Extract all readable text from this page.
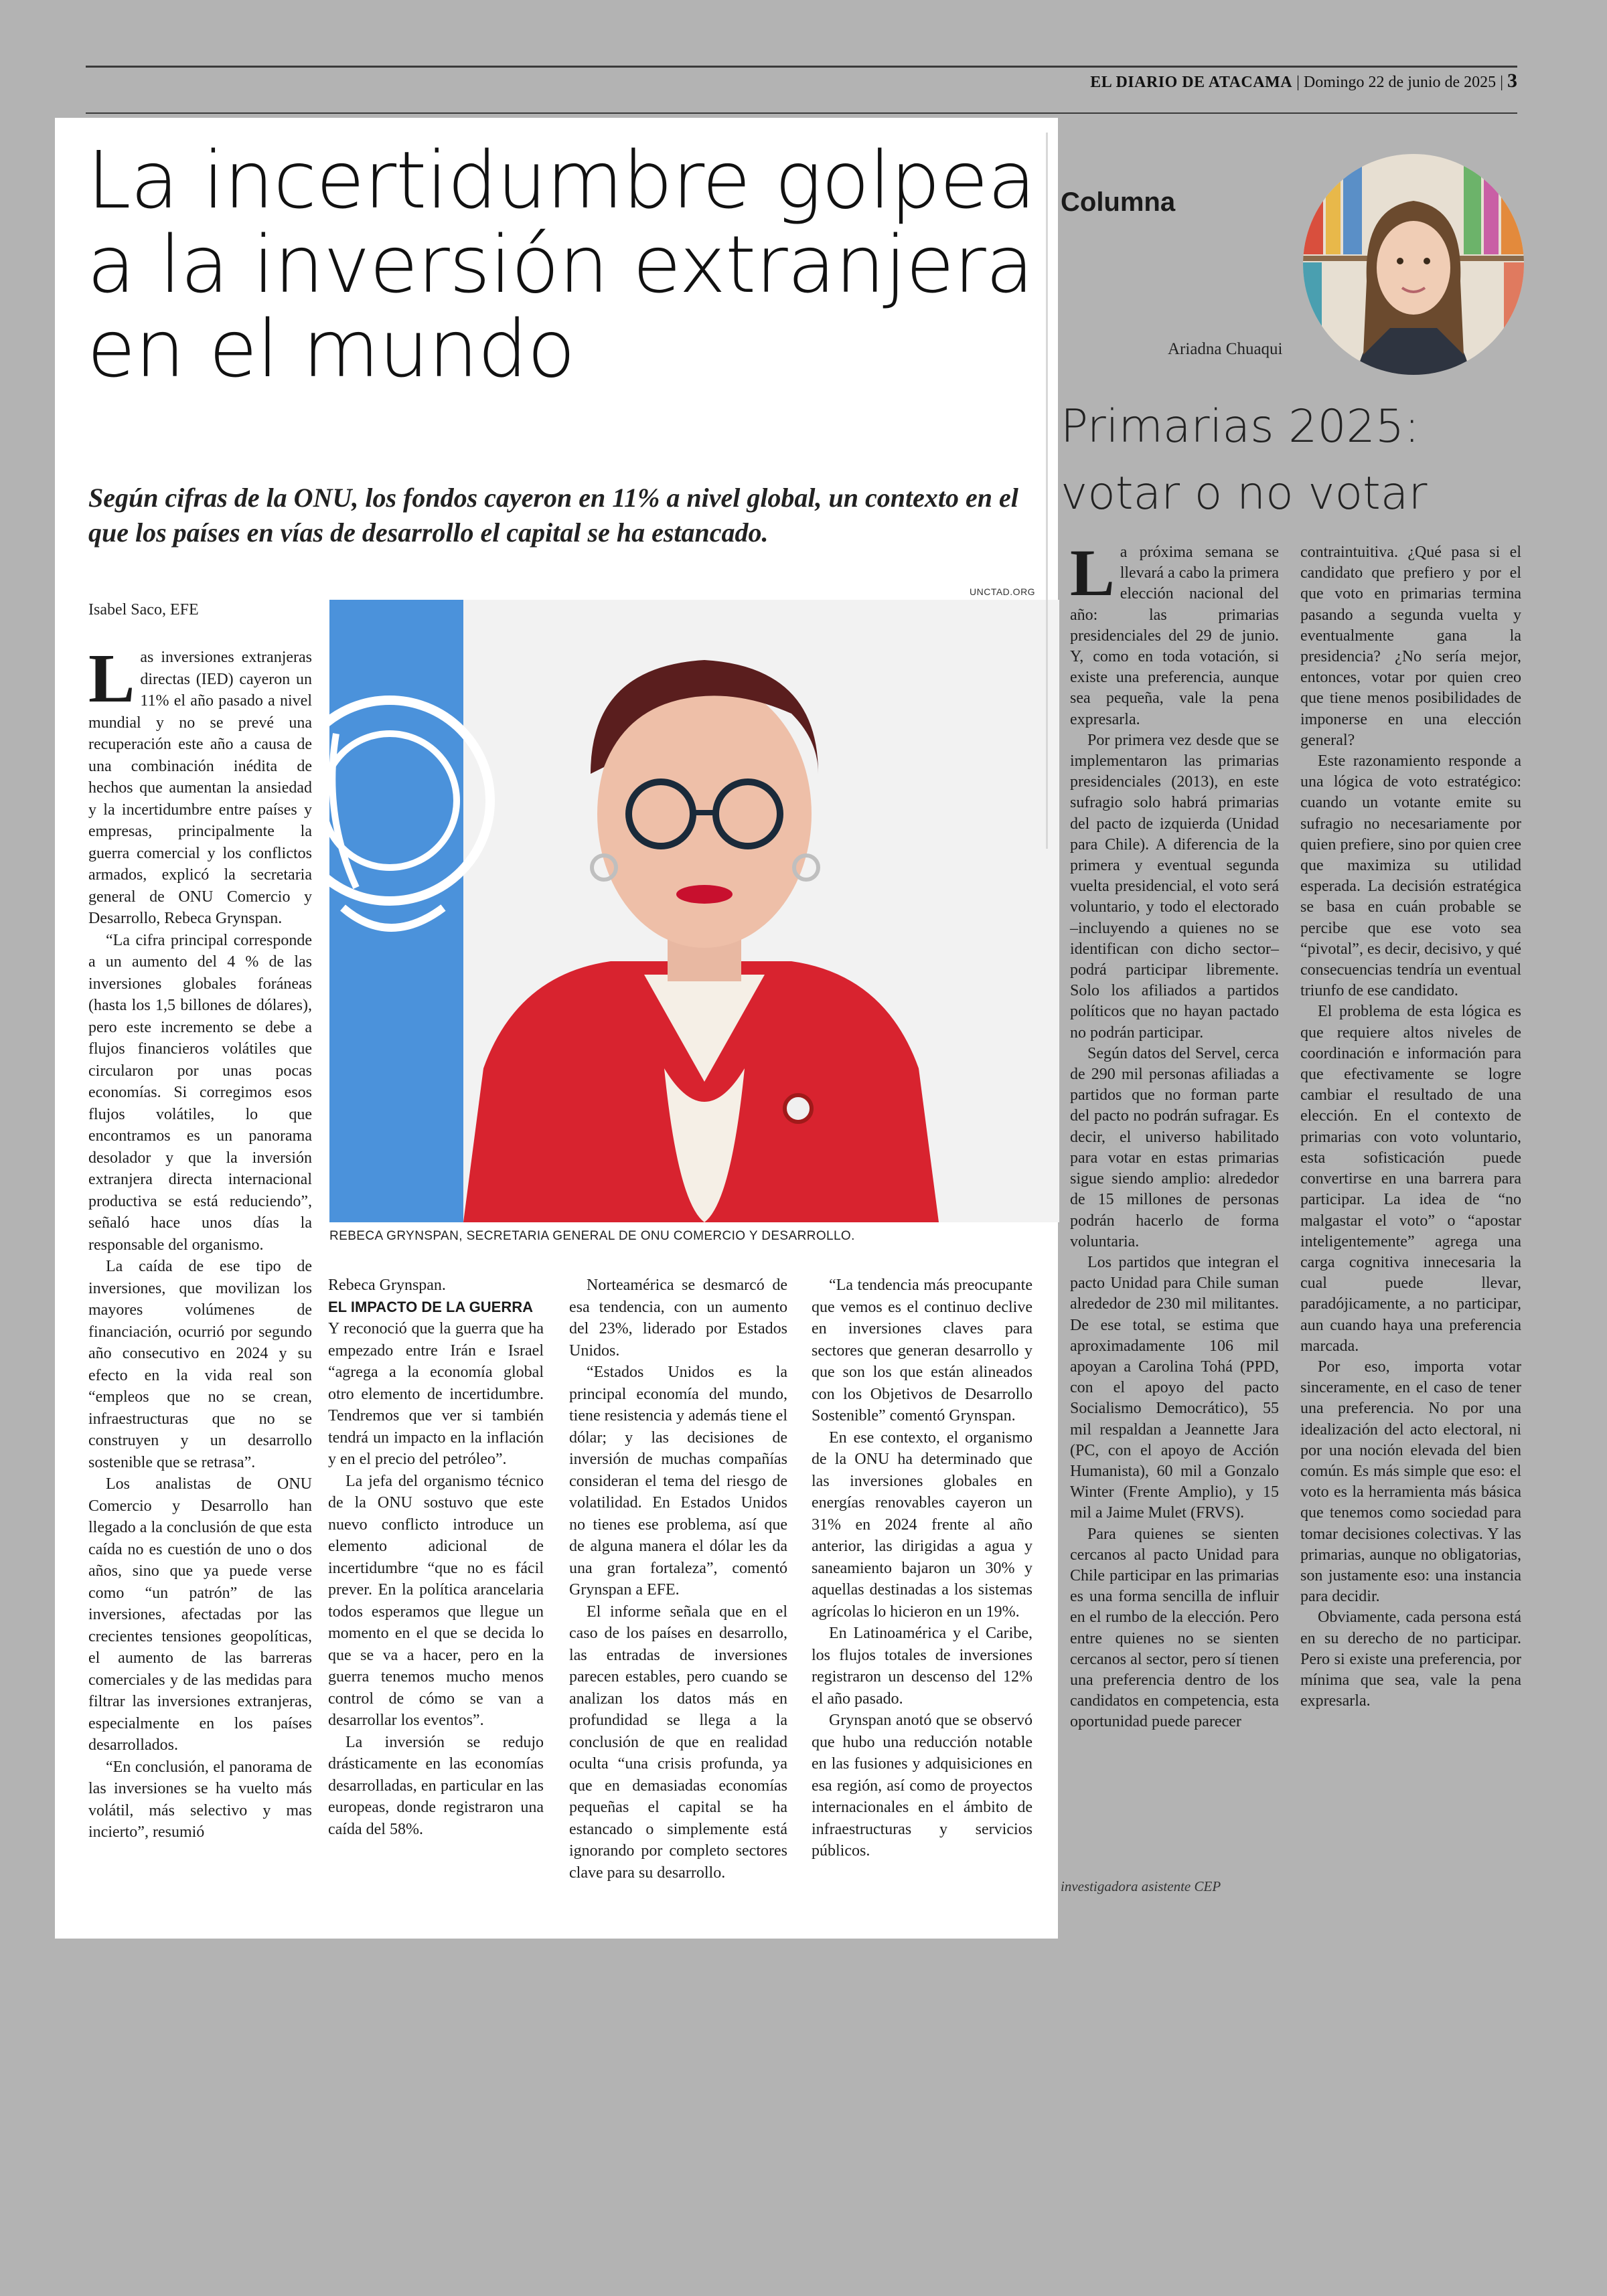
EL DIARIO DE ATACAMA | Domingo 22 de junio de 2025 | 3
La incertidumbre golpea a la inversión extranjera en el mundo
Según cifras de la ONU, los fondos cayeron en 11% a nivel global, un contexto en el que los países en vías de desarrollo el capital se ha estancado.
Isabel Saco, EFE

Las inversiones extranjeras directas (IED) cayeron un 11% el año pasado a nivel mundial y no se prevé una recuperación este año a causa de una combinación inédita de hechos que aumentan la ansiedad y la incertidumbre entre países y empresas, principalmente la guerra comercial y los conflictos armados, explicó la secretaria general de ONU Comercio y Desarrollo, Rebeca Grynspan.

“La cifra principal corresponde a un aumento del 4 % de las inversiones globales foráneas (hasta los 1,5 billones de dólares), pero este incremento se debe a flujos financieros volátiles que circularon por unas pocas economías. Si corregimos esos flujos volátiles, lo que encontramos es un panorama desolador y que la inversión extranjera directa internacional productiva se está reduciendo”, señaló hace unos días la responsable del organismo.

La caída de ese tipo de inversiones, que movilizan los mayores volúmenes de financiación, ocurrió por segundo año consecutivo en 2024 y su efecto en la vida real son “empleos que no se crean, infraestructuras que no se construyen y un desarrollo sostenible que se retrasa”.

Los analistas de ONU Comercio y Desarrollo han llegado a la conclusión de que esta caída no es cuestión de uno o dos años, sino que ya puede verse como “un patrón” de las inversiones, afectadas por las crecientes tensiones geopolíticas, el aumento de las barreras comerciales y de las medidas para filtrar las inversiones extranjeras, especialmente en los países desarrollados.

“En conclusión, el panorama de las inversiones se ha vuelto más volátil, más selectivo y mas incierto”, resumió

UNCTAD.ORG
REBECA GRYNSPAN, SECRETARIA GENERAL DE ONU COMERCIO Y DESARROLLO.

Rebeca Grynspan.

EL IMPACTO DE LA GUERRA

Y reconoció que la guerra que ha empezado entre Irán e Israel “agrega a la economía global otro elemento de incertidumbre. Tendremos que ver si también tendrá un impacto en la inflación y en el precio del petróleo”.

La jefa del organismo técnico de la ONU sostuvo que este nuevo conflicto introduce un elemento adicional de incertidumbre “que no es fácil prever. En la política arancelaria todos esperamos que llegue un momento en el que se decida lo que se va a hacer, pero en la guerra tenemos mucho menos control de cómo se van a desarrollar los eventos”.

La inversión se redujo drásticamente en las economías desarrolladas, en particular en las europeas, donde registraron una caída del 58%.

Norteamérica se desmarcó de esa tendencia, con un aumento del 23%, liderado por Estados Unidos.

“Estados Unidos es la principal economía del mundo, tiene resistencia y además tiene el dólar; y las decisiones de inversión de muchas compañías consideran el tema del riesgo de volatilidad. En Estados Unidos no tienes ese problema, así que de alguna manera el dólar les da una gran fortaleza”, comentó Grynspan a EFE.

El informe señala que en el caso de los países en desarrollo, las entradas de inversiones parecen estables, pero cuando se analizan los datos más en profundidad se llega a la conclusión de que en realidad oculta “una crisis profunda, ya que en demasiadas economías pequeñas el capital se ha estancado o simplemente está ignorando por completo sectores clave para su desarrollo.

“La tendencia más preocupante que vemos es el continuo declive en inversiones claves para sectores que generan desarrollo y que son los que están alineados con los Objetivos de Desarrollo Sostenible” comentó Grynspan.

En ese contexto, el organismo de la ONU ha determinado que las inversiones globales en energías renovables cayeron un 31% en 2024 frente al año anterior, las dirigidas a agua y saneamiento bajaron un 30% y aquellas destinadas a los sistemas agrícolas lo hicieron en un 19%.

En Latinoamérica y el Caribe, los flujos totales de inversiones registraron un descenso del 12% el año pasado.

Grynspan anotó que se observó que hubo una reducción notable en las fusiones y adquisiciones en esa región, así como de proyectos internacionales en el ámbito de infraestructuras y servicios públicos.

Columna
Ariadna Chuaqui
Primarias 2025: votar o no votar

La próxima semana se llevará a cabo la primera elección nacional del año: las primarias presidenciales del 29 de junio. Y, como en toda votación, si existe una preferencia, aunque sea pequeña, vale la pena expresarla.

Por primera vez desde que se implementaron las primarias presidenciales (2013), en este sufragio solo habrá primarias del pacto de izquierda (Unidad para Chile). A diferencia de la primera y eventual segunda vuelta presidencial, el voto será voluntario, y todo el electorado –incluyendo a quienes no se identifican con dicho sector– podrá participar libremente. Solo los afiliados a partidos políticos que no hayan pactado no podrán participar.

Según datos del Servel, cerca de 290 mil personas afiliadas a partidos que no forman parte del pacto no podrán sufragar. Es decir, el universo habilitado para votar en estas primarias sigue siendo amplio: alrededor de 15 millones de personas podrán hacerlo de forma voluntaria.

Los partidos que integran el pacto Unidad para Chile suman alrededor de 230 mil militantes. De ese total, se estima que aproximadamente 106 mil apoyan a Carolina Tohá (PPD, con el apoyo del pacto Socialismo Democrático), 55 mil respaldan a Jeannette Jara (PC, con el apoyo de Acción Humanista), 60 mil a Gonzalo Winter (Frente Amplio), y 15 mil a Jaime Mulet (FRVS).

Para quienes se sienten cercanos al pacto Unidad para Chile participar en las primarias es una forma sencilla de influir en el rumbo de la elección. Pero entre quienes no se sienten cercanos al sector, pero sí tienen una preferencia dentro de los candidatos en competencia, esta oportunidad puede parecer

contraintuitiva. ¿Qué pasa si el candidato que prefiero y por el que voto en primarias termina pasando a segunda vuelta y eventualmente gana la presidencia? ¿No sería mejor, entonces, votar por quien creo que tiene menos posibilidades de imponerse en una elección general?

Este razonamiento responde a una lógica de voto estratégico: cuando un votante emite su sufragio no necesariamente por quien prefiere, sino por quien cree que maximiza su utilidad esperada. La decisión estratégica se basa en cuán probable se percibe que ese voto sea “pivotal”, es decir, decisivo, y qué consecuencias tendría un eventual triunfo de ese candidato.

El problema de esta lógica es que requiere altos niveles de coordinación e información para que efectivamente se logre cambiar el resultado de una elección. En el contexto de primarias con voto voluntario, esta sofisticación puede convertirse en una barrera para participar. La idea de “no malgastar el voto” o “apostar inteligentemente” agrega una carga cognitiva innecesaria la cual puede llevar, paradójicamente, a no participar, aun cuando haya una preferencia marcada.

Por eso, importa votar sinceramente, en el caso de tener una preferencia. No por una idealización del acto electoral, ni por una noción elevada del bien común. Es más simple que eso: el voto es la herramienta más básica que tenemos como sociedad para tomar decisiones colectivas. Y las primarias, aunque no obligatorias, son justamente eso: una instancia para decidir.

Obviamente, cada persona está en su derecho de no participar. Pero si existe una preferencia, por mínima que sea, vale la pena expresarla.

investigadora asistente CEP
